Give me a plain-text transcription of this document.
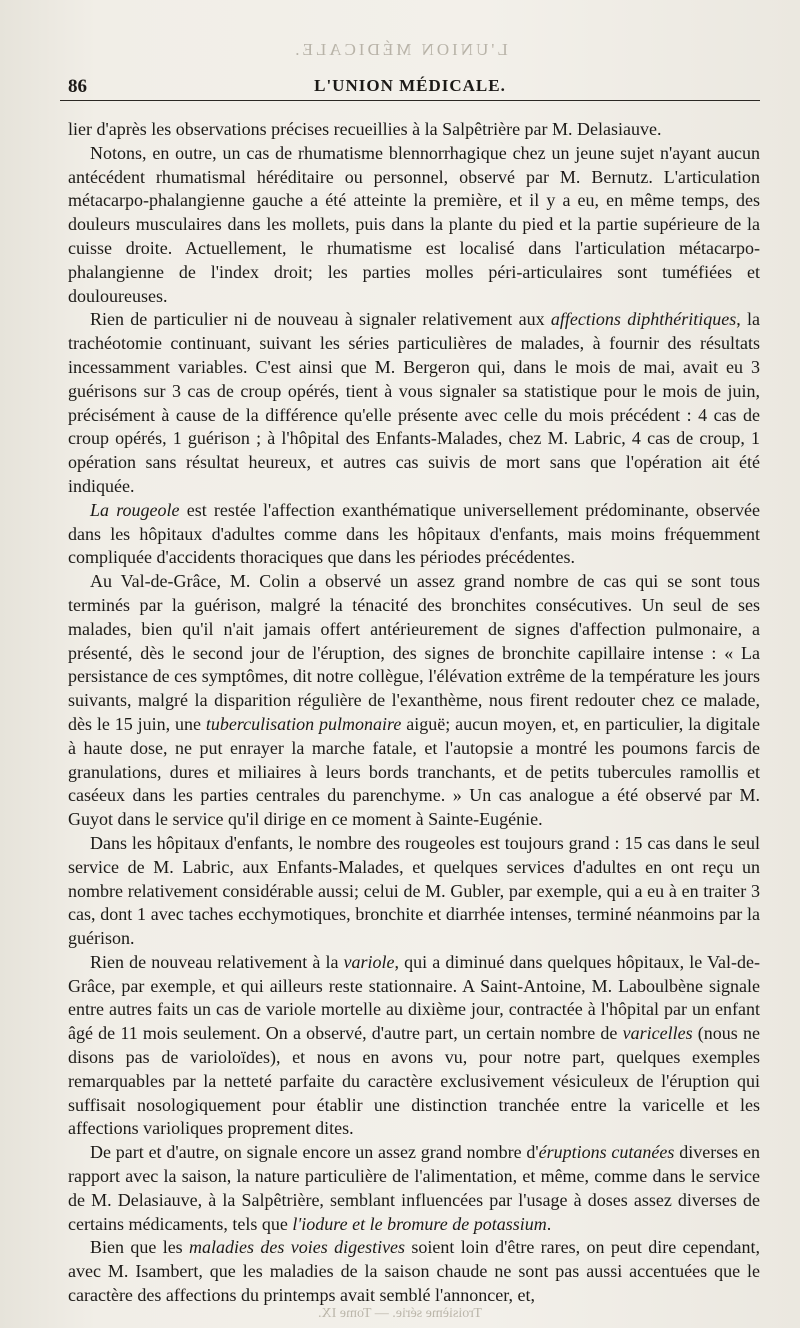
L'UNION MÉDICALE.
86	L'UNION MÉDICALE.

lier d'après les observations précises recueillies à la Salpêtrière par M. Delasiauve.

Notons, en outre, un cas de rhumatisme blennorrhagique chez un jeune sujet n'ayant aucun antécédent rhumatismal héréditaire ou personnel, observé par M. Bernutz. L'articulation métacarpo-phalangienne gauche a été atteinte la première, et il y a eu, en même temps, des douleurs musculaires dans les mollets, puis dans la plante du pied et la partie supérieure de la cuisse droite. Actuellement, le rhumatisme est localisé dans l'articulation métacarpo-phalangienne de l'index droit; les parties molles péri-articulaires sont tuméfiées et douloureuses.

Rien de particulier ni de nouveau à signaler relativement aux affections diphthéritiques, la trachéotomie continuant, suivant les séries particulières de malades, à fournir des résultats incessamment variables. C'est ainsi que M. Bergeron qui, dans le mois de mai, avait eu 3 guérisons sur 3 cas de croup opérés, tient à vous signaler sa statistique pour le mois de juin, précisément à cause de la différence qu'elle présente avec celle du mois précédent : 4 cas de croup opérés, 1 guérison ; à l'hôpital des Enfants-Malades, chez M. Labric, 4 cas de croup, 1 opération sans résultat heureux, et autres cas suivis de mort sans que l'opération ait été indiquée.

La rougeole est restée l'affection exanthématique universellement prédominante, observée dans les hôpitaux d'adultes comme dans les hôpitaux d'enfants, mais moins fréquemment compliquée d'accidents thoraciques que dans les périodes précédentes.

Au Val-de-Grâce, M. Colin a observé un assez grand nombre de cas qui se sont tous terminés par la guérison, malgré la ténacité des bronchites consécutives. Un seul de ses malades, bien qu'il n'ait jamais offert antérieurement de signes d'affection pulmonaire, a présenté, dès le second jour de l'éruption, des signes de bronchite capillaire intense : « La persistance de ces symptômes, dit notre collègue, l'élévation extrême de la température les jours suivants, malgré la disparition régulière de l'exanthème, nous firent redouter chez ce malade, dès le 15 juin, une tuberculisation pulmonaire aiguë; aucun moyen, et, en particulier, la digitale à haute dose, ne put enrayer la marche fatale, et l'autopsie a montré les poumons farcis de granulations, dures et miliaires à leurs bords tranchants, et de petits tubercules ramollis et caséeux dans les parties centrales du parenchyme. » Un cas analogue a été observé par M. Guyot dans le service qu'il dirige en ce moment à Sainte-Eugénie.

Dans les hôpitaux d'enfants, le nombre des rougeoles est toujours grand : 15 cas dans le seul service de M. Labric, aux Enfants-Malades, et quelques services d'adultes en ont reçu un nombre relativement considérable aussi; celui de M. Gubler, par exemple, qui a eu à en traiter 3 cas, dont 1 avec taches ecchymotiques, bronchite et diarrhée intenses, terminé néanmoins par la guérison.

Rien de nouveau relativement à la variole, qui a diminué dans quelques hôpitaux, le Val-de-Grâce, par exemple, et qui ailleurs reste stationnaire. A Saint-Antoine, M. Laboulbène signale entre autres faits un cas de variole mortelle au dixième jour, contractée à l'hôpital par un enfant âgé de 11 mois seulement. On a observé, d'autre part, un certain nombre de varicelles (nous ne disons pas de varioloïdes), et nous en avons vu, pour notre part, quelques exemples remarquables par la netteté parfaite du caractère exclusivement vésiculeux de l'éruption qui suffisait nosologiquement pour établir une distinction tranchée entre la varicelle et les affections varioliques proprement dites.

De part et d'autre, on signale encore un assez grand nombre d'éruptions cutanées diverses en rapport avec la saison, la nature particulière de l'alimentation, et même, comme dans le service de M. Delasiauve, à la Salpêtrière, semblant influencées par l'usage à doses assez diverses de certains médicaments, tels que l'iodure et le bromure de potassium.

Bien que les maladies des voies digestives soient loin d'être rares, on peut dire cependant, avec M. Isambert, que les maladies de la saison chaude ne sont pas aussi accentuées que le caractère des affections du printemps avait semblé l'annoncer, et,

Troisième série. — Tome IX.
